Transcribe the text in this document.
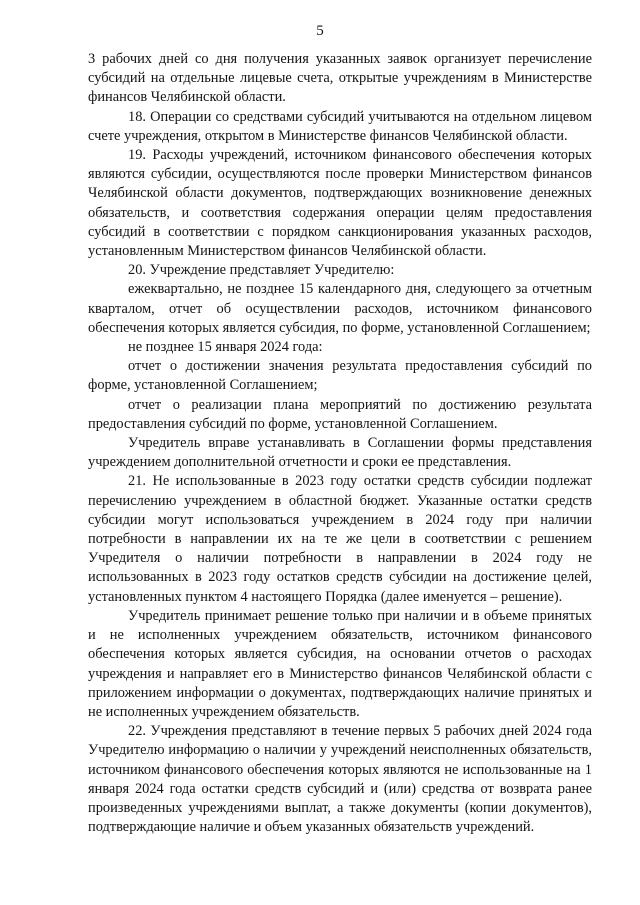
5

3 рабочих дней со дня получения указанных заявок организует перечисление субсидий на отдельные лицевые счета, открытые учреждениям в Министерстве финансов Челябинской области.

18. Операции со средствами субсидий учитываются на отдельном лицевом счете учреждения, открытом в Министерстве финансов Челябинской области.

19. Расходы учреждений, источником финансового обеспечения которых являются субсидии, осуществляются после проверки Министерством финансов Челябинской области документов, подтверждающих возникновение денежных обязательств, и соответствия содержания операции целям предоставления субсидий в соответствии с порядком санкционирования указанных расходов, установленным Министерством финансов Челябинской области.

20. Учреждение представляет Учредителю:

ежеквартально, не позднее 15 календарного дня, следующего за отчетным кварталом, отчет об осуществлении расходов, источником финансового обеспечения которых является субсидия, по форме, установленной Соглашением;

не позднее 15 января 2024 года:

отчет о достижении значения результата предоставления субсидий по форме, установленной Соглашением;

отчет о реализации плана мероприятий по достижению результата предоставления субсидий по форме, установленной Соглашением.

Учредитель вправе устанавливать в Соглашении формы представления учреждением дополнительной отчетности и сроки ее представления.

21. Не использованные в 2023 году остатки средств субсидии подлежат перечислению учреждением в областной бюджет. Указанные остатки средств субсидии могут использоваться учреждением в 2024 году при наличии потребности в направлении их на те же цели в соответствии с решением Учредителя о наличии потребности в направлении в 2024 году не использованных в 2023 году остатков средств субсидии на достижение целей, установленных пунктом 4 настоящего Порядка (далее именуется – решение).

Учредитель принимает решение только при наличии и в объеме принятых и не исполненных учреждением обязательств, источником финансового обеспечения которых является субсидия, на основании отчетов о расходах учреждения и направляет его в Министерство финансов Челябинской области с приложением информации о документах, подтверждающих наличие принятых и не исполненных учреждением обязательств.

22. Учреждения представляют в течение первых 5 рабочих дней 2024 года Учредителю информацию о наличии у учреждений неисполненных обязательств, источником финансового обеспечения которых являются не использованные на 1 января 2024 года остатки средств субсидий и (или) средства от возврата ранее произведенных учреждениями выплат, а также документы (копии документов), подтверждающие наличие и объем указанных обязательств учреждений.
